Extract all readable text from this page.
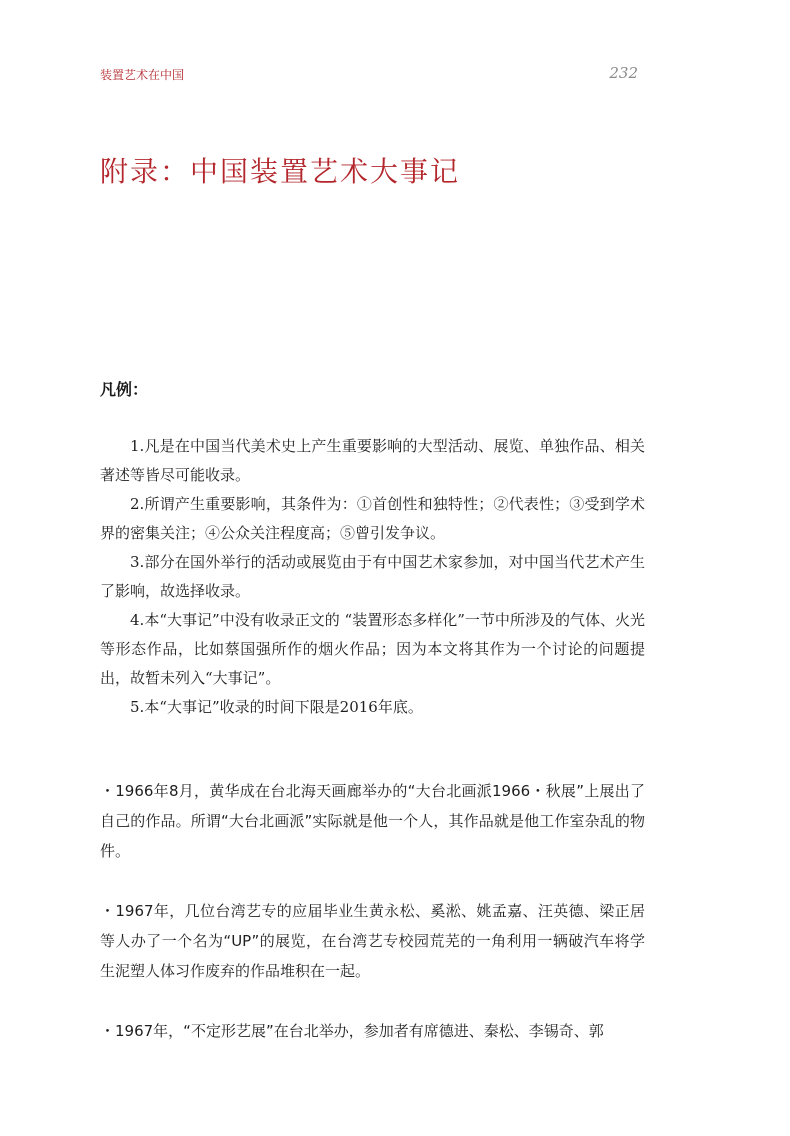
装置艺术在中国	232
附录：中国装置艺术大事记
凡例：

1.凡是在中国当代美术史上产生重要影响的大型活动、展览、单独作品、相关著述等皆尽可能收录。

2.所谓产生重要影响，其条件为：①首创性和独特性；②代表性；③受到学术界的密集关注；④公众关注程度高；⑤曾引发争议。

3.部分在国外举行的活动或展览由于有中国艺术家参加，对中国当代艺术产生了影响，故选择收录。

4.本“大事记”中没有收录正文的 “装置形态多样化”一节中所涉及的气体、火光等形态作品，比如蔡国强所作的烟火作品；因为本文将其作为一个讨论的问题提出，故暂未列入“大事记”。

5.本“大事记”收录的时间下限是2016年底。

・1966年8月，黄华成在台北海天画廊举办的“大台北画派1966・秋展”上展出了自己的作品。所谓“大台北画派”实际就是他一个人，其作品就是他工作室杂乱的物件。

・1967年，几位台湾艺专的应届毕业生黄永松、奚淞、姚孟嘉、汪英德、梁正居等人办了一个名为“UP”的展览，在台湾艺专校园荒芜的一角利用一辆破汽车将学生泥塑人体习作废弃的作品堆积在一起。

・1967年，“不定形艺展”在台北举办，参加者有席德进、秦松、李锡奇、郭
